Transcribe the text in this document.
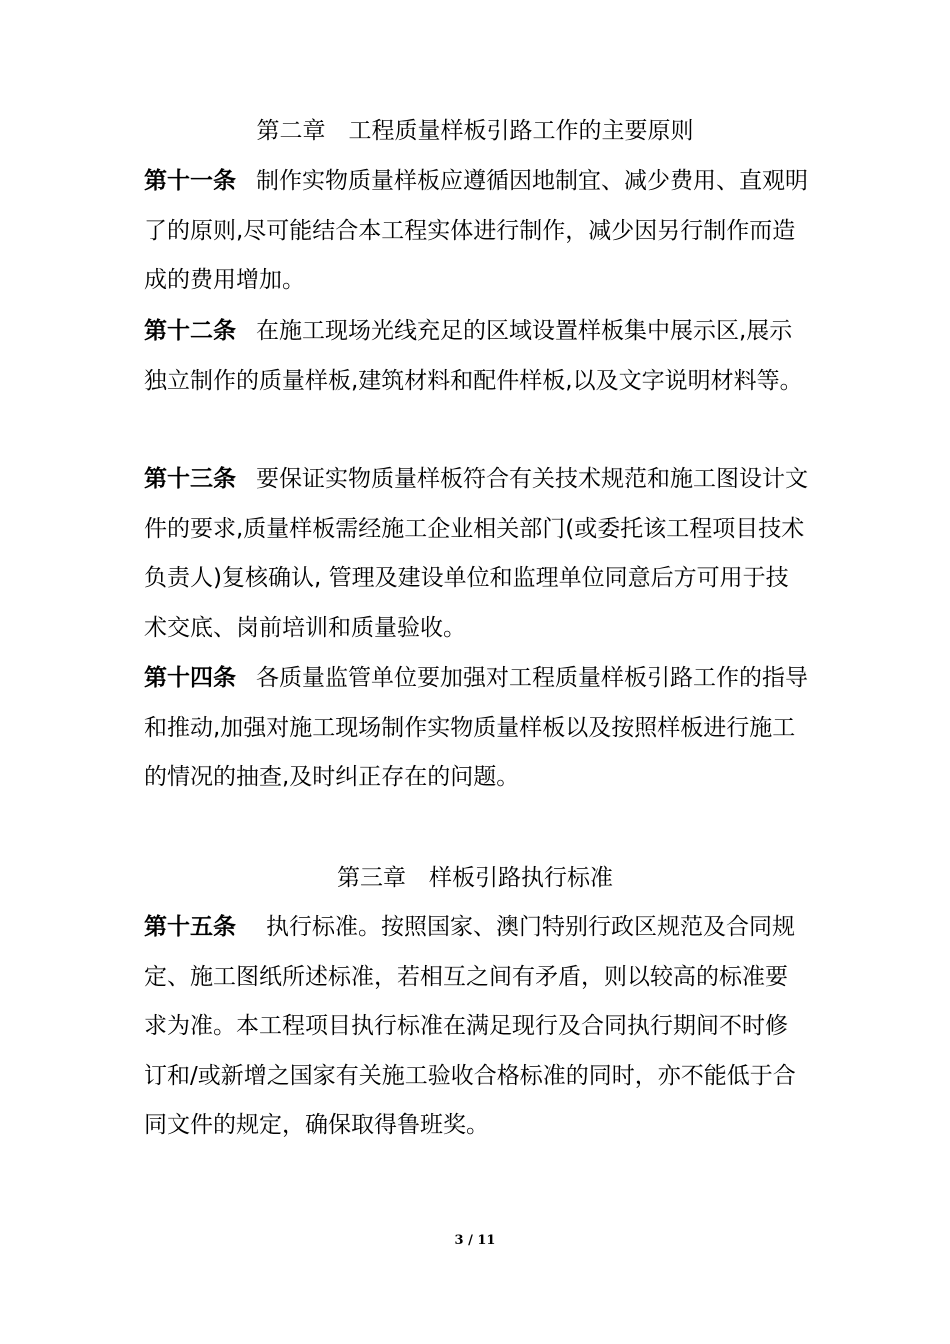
第二章　工程质量样板引路工作的主要原则
第十一条 制作实物质量样板应遵循因地制宜、减少费用、直观明了的原则,尽可能结合本工程实体进行制作，减少因另行制作而造成的费用增加。
第十二条 在施工现场光线充足的区域设置样板集中展示区,展示独立制作的质量样板,建筑材料和配件样板,以及文字说明材料等。
第十三条 要保证实物质量样板符合有关技术规范和施工图设计文件的要求,质量样板需经施工企业相关部门(或委托该工程项目技术负责人)复核确认, 管理及建设单位和监理单位同意后方可用于技术交底、岗前培训和质量验收。
第十四条 各质量监管单位要加强对工程质量样板引路工作的指导和推动,加强对施工现场制作实物质量样板以及按照样板进行施工的情况的抽查,及时纠正存在的问题。
第三章　样板引路执行标准
第十五条 执行标准。按照国家、澳门特别行政区规范及合同规定、施工图纸所述标准，若相互之间有矛盾，则以较高的标准要求为准。本工程项目执行标准在满足现行及合同执行期间不时修订和/或新增之国家有关施工验收合格标准的同时，亦不能低于合同文件的规定，确保取得鲁班奖。
3 / 11
